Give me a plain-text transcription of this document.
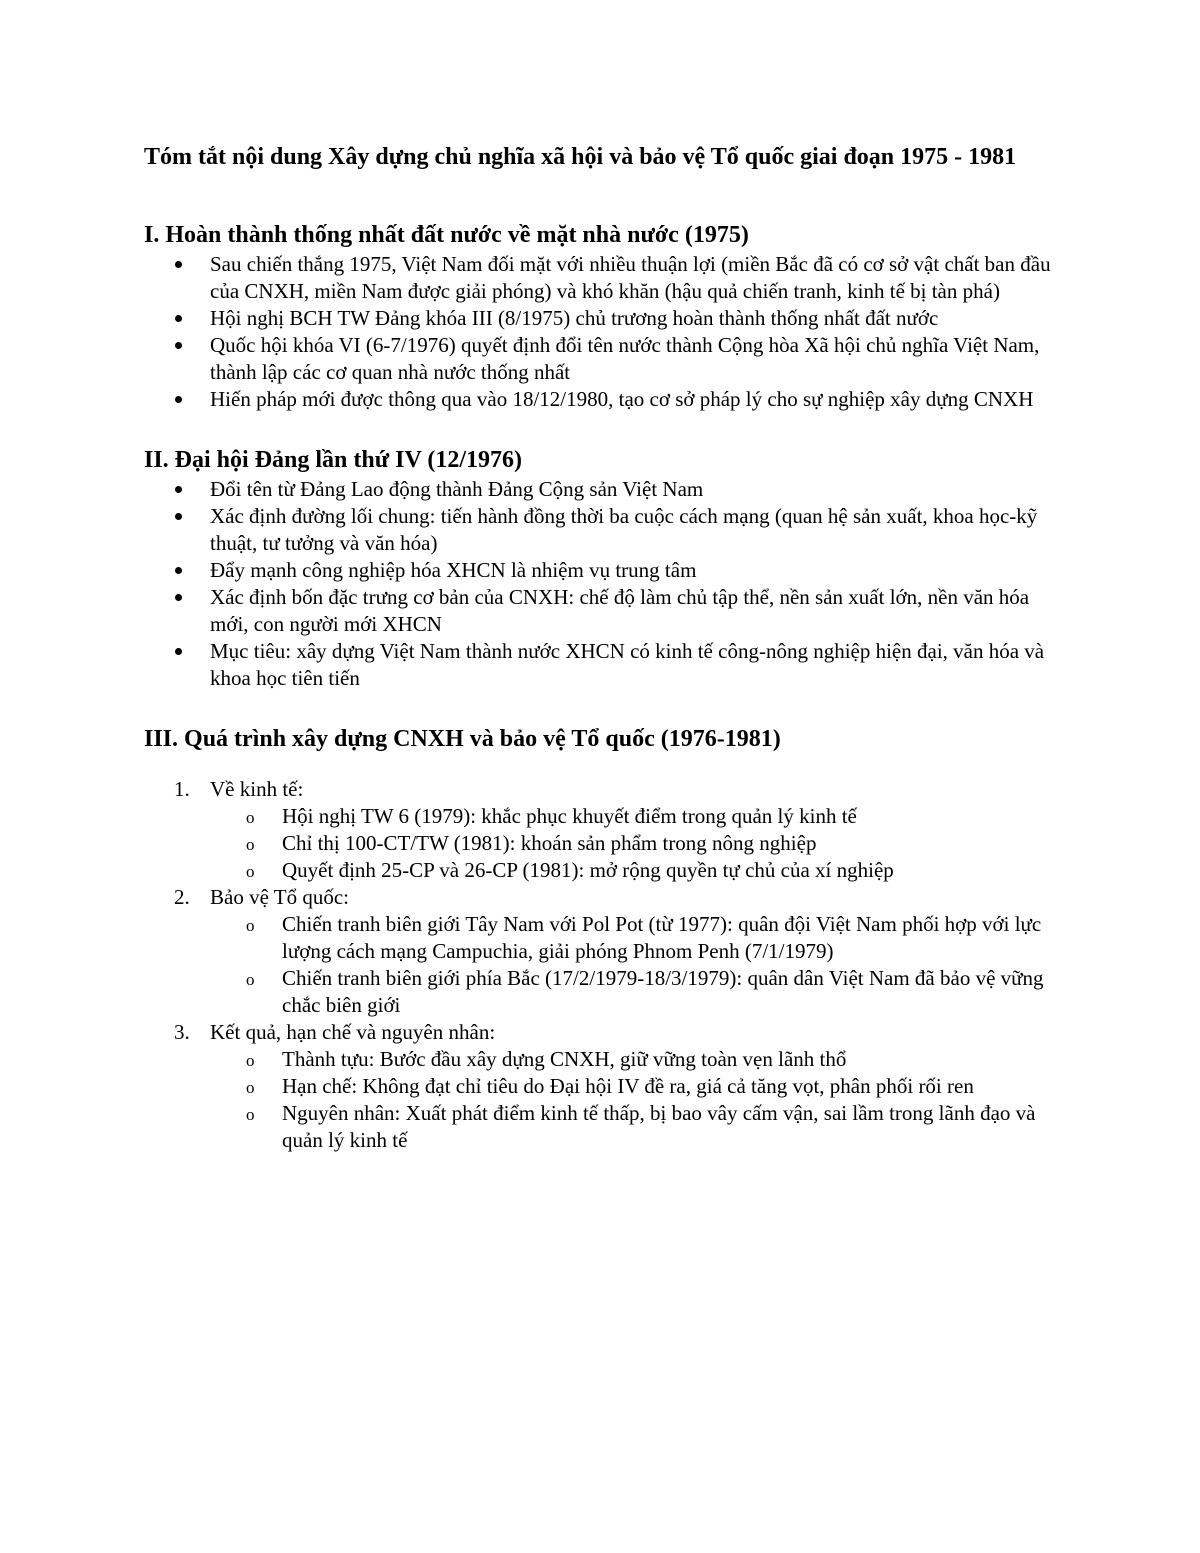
Tóm tắt nội dung Xây dựng chủ nghĩa xã hội và bảo vệ Tổ quốc giai đoạn 1975 - 1981
I. Hoàn thành thống nhất đất nước về mặt nhà nước (1975)
Sau chiến thắng 1975, Việt Nam đối mặt với nhiều thuận lợi (miền Bắc đã có cơ sở vật chất ban đầu của CNXH, miền Nam được giải phóng) và khó khăn (hậu quả chiến tranh, kinh tế bị tàn phá)
Hội nghị BCH TW Đảng khóa III (8/1975) chủ trương hoàn thành thống nhất đất nước
Quốc hội khóa VI (6-7/1976) quyết định đổi tên nước thành Cộng hòa Xã hội chủ nghĩa Việt Nam, thành lập các cơ quan nhà nước thống nhất
Hiến pháp mới được thông qua vào 18/12/1980, tạo cơ sở pháp lý cho sự nghiệp xây dựng CNXH
II. Đại hội Đảng lần thứ IV (12/1976)
Đổi tên từ Đảng Lao động thành Đảng Cộng sản Việt Nam
Xác định đường lối chung: tiến hành đồng thời ba cuộc cách mạng (quan hệ sản xuất, khoa học-kỹ thuật, tư tưởng và văn hóa)
Đẩy mạnh công nghiệp hóa XHCN là nhiệm vụ trung tâm
Xác định bốn đặc trưng cơ bản của CNXH: chế độ làm chủ tập thể, nền sản xuất lớn, nền văn hóa mới, con người mới XHCN
Mục tiêu: xây dựng Việt Nam thành nước XHCN có kinh tế công-nông nghiệp hiện đại, văn hóa và khoa học tiên tiến
III. Quá trình xây dựng CNXH và bảo vệ Tổ quốc (1976-1981)
1. Về kinh tế:
o Hội nghị TW 6 (1979): khắc phục khuyết điểm trong quản lý kinh tế
o Chỉ thị 100-CT/TW (1981): khoán sản phẩm trong nông nghiệp
o Quyết định 25-CP và 26-CP (1981): mở rộng quyền tự chủ của xí nghiệp
2. Bảo vệ Tổ quốc:
o Chiến tranh biên giới Tây Nam với Pol Pot (từ 1977): quân đội Việt Nam phối hợp với lực lượng cách mạng Campuchia, giải phóng Phnom Penh (7/1/1979)
o Chiến tranh biên giới phía Bắc (17/2/1979-18/3/1979): quân dân Việt Nam đã bảo vệ vững chắc biên giới
3. Kết quả, hạn chế và nguyên nhân:
o Thành tựu: Bước đầu xây dựng CNXH, giữ vững toàn vẹn lãnh thổ
o Hạn chế: Không đạt chỉ tiêu do Đại hội IV đề ra, giá cả tăng vọt, phân phối rối ren
o Nguyên nhân: Xuất phát điểm kinh tế thấp, bị bao vây cấm vận, sai lầm trong lãnh đạo và quản lý kinh tế
